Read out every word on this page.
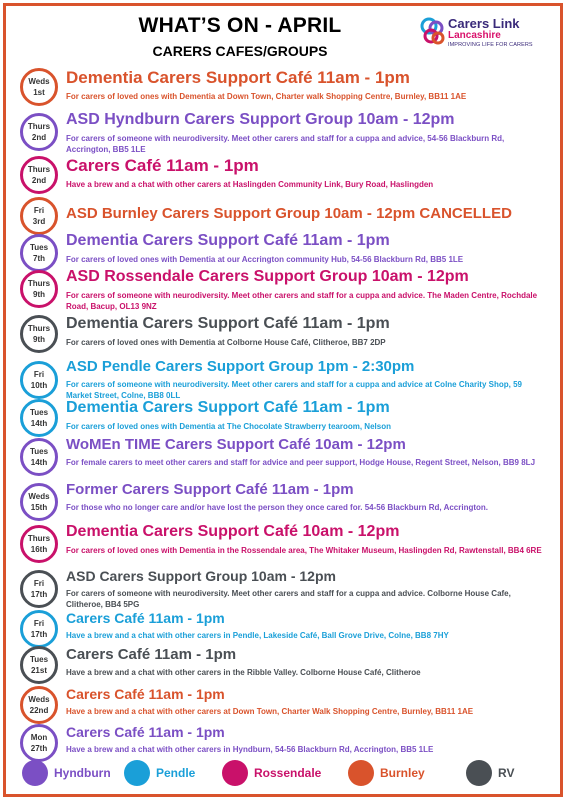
WHAT’S ON - APRIL
CARERS CAFES/GROUPS
Carers Link
Lancashire
IMPROVING LIFE FOR CARERS
Weds
1st
Dementia Carers Support Café 11am - 1pm
For carers of loved ones with Dementia at Down Town, Charter walk Shopping Centre, Burnley, BB11 1AE
Thurs
2nd
ASD Hyndburn Carers Support Group 10am - 12pm
For carers of someone with neurodiversity. Meet other carers and staff for a cuppa and advice, 54-56 Blackburn Rd, Accrington, BB5 1LE
Thurs
2nd
Carers Café 11am - 1pm
Have a brew and a chat with other carers at Haslingden Community Link, Bury Road, Haslingden
Fri
3rd ASD Burnley Carers Support Group 10am - 12pm CANCELLED
Tues
7th
Dementia Carers Support Café 11am - 1pm
For carers of loved ones with Dementia at our Accrington community Hub, 54-56 Blackburn Rd, BB5 1LE
Thurs
9th
ASD Rossendale Carers Support Group 10am - 12pm
For carers of someone with neurodiversity. Meet other carers and staff for a cuppa and advice. The Maden Centre, Rochdale Road, Bacup, OL13 9NZ
Thurs
9th
Dementia Carers Support Café 11am - 1pm
For carers of loved ones with Dementia at Colborne House Café, Clitheroe, BB7 2DP
Fri
10th
ASD Pendle Carers Support Group 1pm - 2:30pm
For carers of someone with neurodiversity. Meet other carers and staff for a cuppa and advice at Colne Charity Shop, 59 Market Street, Colne, BB8 0LL
Tues
14th
Dementia Carers Support Café 11am - 1pm
For carers of loved ones with Dementia at The Chocolate Strawberry tearoom, Nelson
Tues
14th
WoMEn TIME Carers Support Café 10am - 12pm
For female carers to meet other carers and staff for advice and peer support, Hodge House, Regent Street, Nelson, BB9 8LJ
Weds
15th
Former Carers Support Café 11am - 1pm
For those who no longer care and/or have lost the person they once cared for. 54-56 Blackburn Rd, Accrington.
Thurs
16th
Dementia Carers Support Café 10am - 12pm
For carers of loved ones with Dementia in the Rossendale area, The Whitaker Museum, Haslingden Rd, Rawtenstall, BB4 6RE
Fri
17th
ASD Carers Support Group 10am - 12pm
For carers of someone with neurodiversity. Meet other carers and staff for a cuppa and advice. Colborne House Cafe, Clitheroe, BB4 5PG
Fri
17th
Carers Café 11am - 1pm
Have a brew and a chat with other carers in Pendle, Lakeside Café, Ball Grove Drive, Colne, BB8 7HY
Tues
21st
Carers Café 11am - 1pm
Have a brew and a chat with other carers in the Ribble Valley. Colborne House Café, Clitheroe
Weds
22nd
Carers Café 11am - 1pm
Have a brew and a chat with other carers at Down Town, Charter Walk Shopping Centre, Burnley, BB11 1AE
Mon
27th
Carers Café 11am - 1pm
Have a brew and a chat with other carers in Hyndburn, 54-56 Blackburn Rd, Accrington, BB5 1LE
Hyndburn	Pendle	Rossendale	Burnley	RV
